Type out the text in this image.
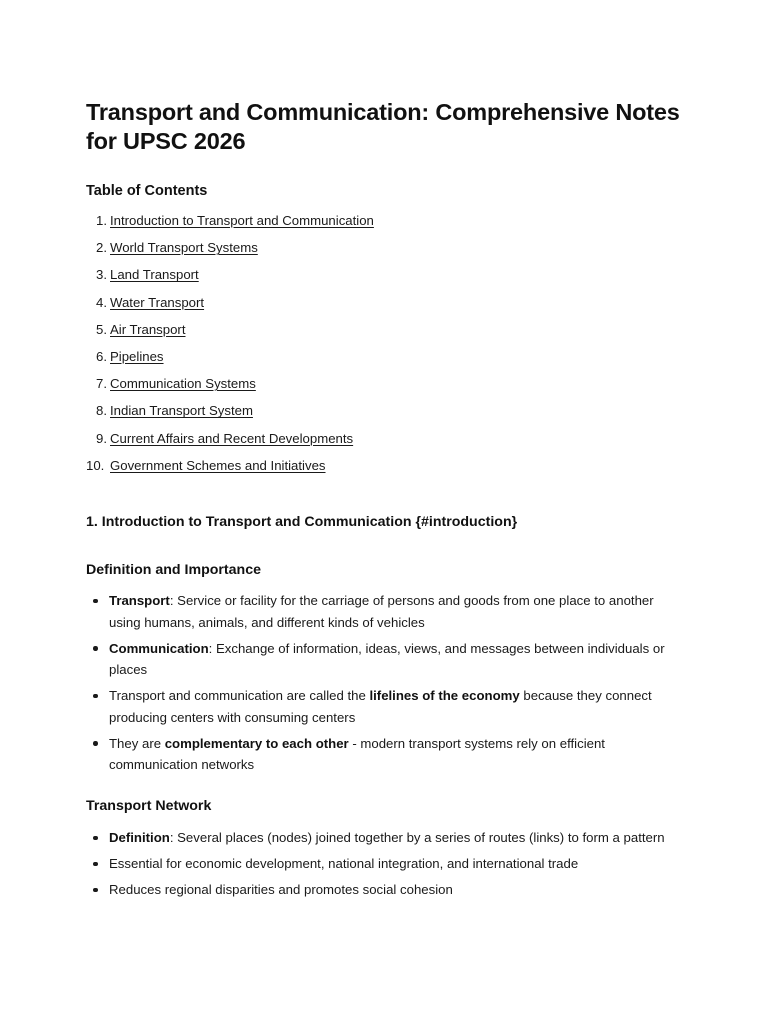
Transport and Communication: Comprehensive Notes for UPSC 2026
Table of Contents
1. Introduction to Transport and Communication
2. World Transport Systems
3. Land Transport
4. Water Transport
5. Air Transport
6. Pipelines
7. Communication Systems
8. Indian Transport System
9. Current Affairs and Recent Developments
10. Government Schemes and Initiatives
1. Introduction to Transport and Communication {#introduction}
Definition and Importance
Transport: Service or facility for the carriage of persons and goods from one place to another using humans, animals, and different kinds of vehicles
Communication: Exchange of information, ideas, views, and messages between individuals or places
Transport and communication are called the lifelines of the economy because they connect producing centers with consuming centers
They are complementary to each other - modern transport systems rely on efficient communication networks
Transport Network
Definition: Several places (nodes) joined together by a series of routes (links) to form a pattern
Essential for economic development, national integration, and international trade
Reduces regional disparities and promotes social cohesion
